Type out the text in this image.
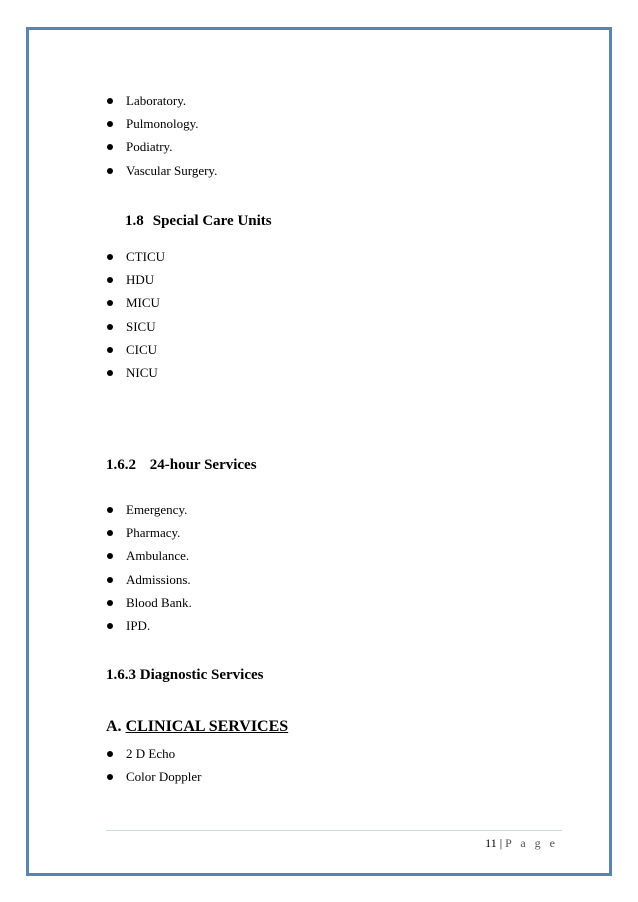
Laboratory.
Pulmonology.
Podiatry.
Vascular Surgery.
1.8 Special Care Units
CTICU
HDU
MICU
SICU
CICU
NICU
1.6.2 24-hour Services
Emergency.
Pharmacy.
Ambulance.
Admissions.
Blood Bank.
IPD.
1.6.3 Diagnostic Services
A. CLINICAL SERVICES
2 D Echo
Color Doppler
11 | P a g e
